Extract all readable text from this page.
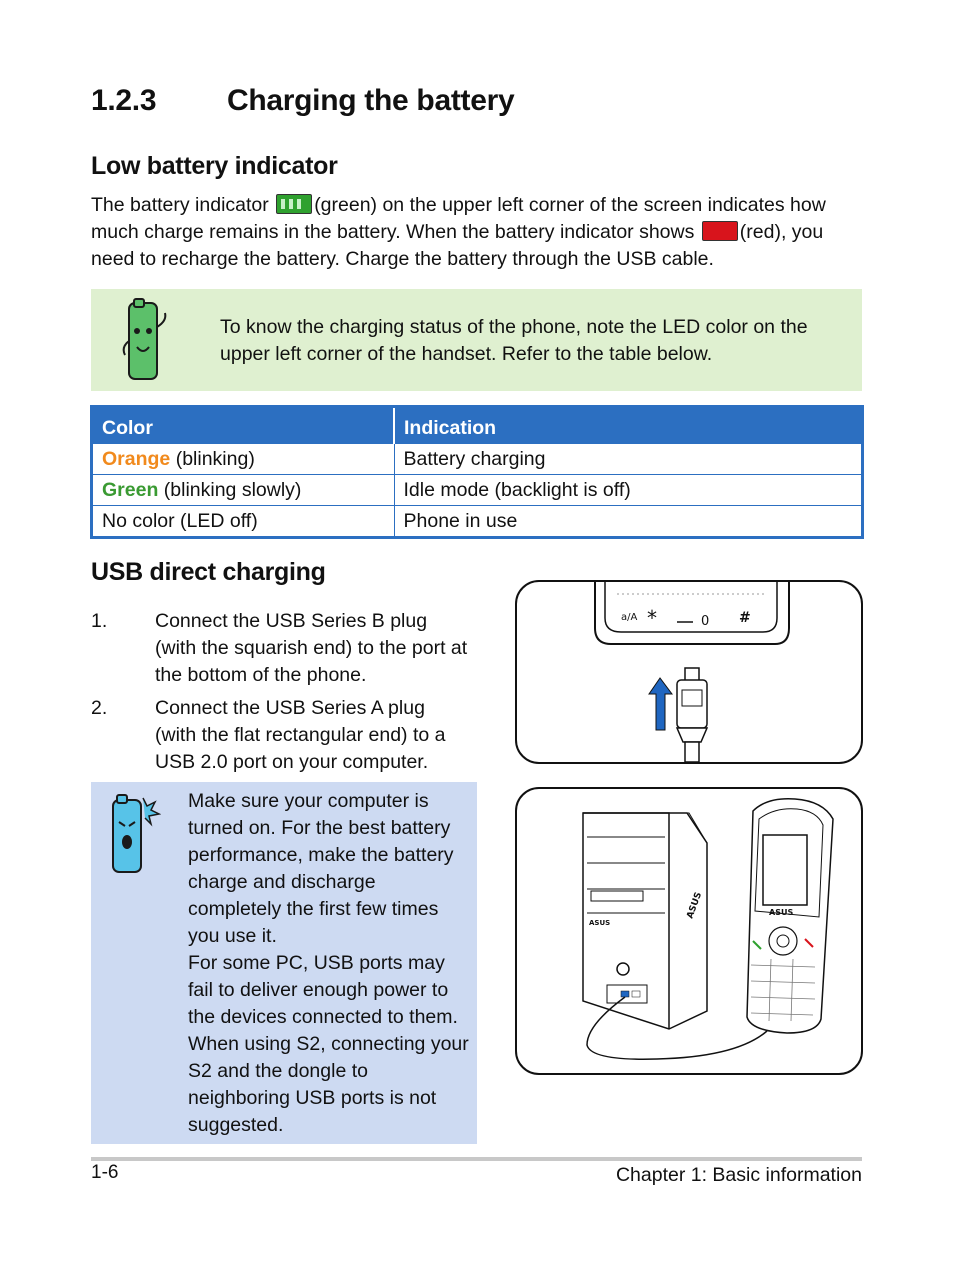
1.2.3 Charging the battery
Low battery indicator
The battery indicator (green) on the upper left corner of the screen indicates how much charge remains in the battery. When the battery indicator shows (red), you need to recharge the battery. Charge the battery through the USB cable.
To know the charging status of the phone, note the LED color on the upper left corner of the handset. Refer to the table below.
Color	Indication
Orange (blinking)	Battery charging
Green (blinking slowly)	Idle mode (backlight is off)
No color (LED off)	Phone in use
USB direct charging
1. Connect the USB Series B plug (with the squarish end) to the port at the bottom of the phone.
2. Connect the USB Series A plug (with the flat rectangular end) to a USB 2.0 port on your computer.
Make sure your computer is turned on. For the best battery performance, make the battery charge and discharge completely the first few times you use it.
For some PC, USB ports may fail to deliver enough power to the devices connected to them. When using S2, connecting your S2 and the dongle to neighboring USB ports is not suggested.
a/A *	0 #
ASUS
ASUS	ASUS
1-6	Chapter 1: Basic information
